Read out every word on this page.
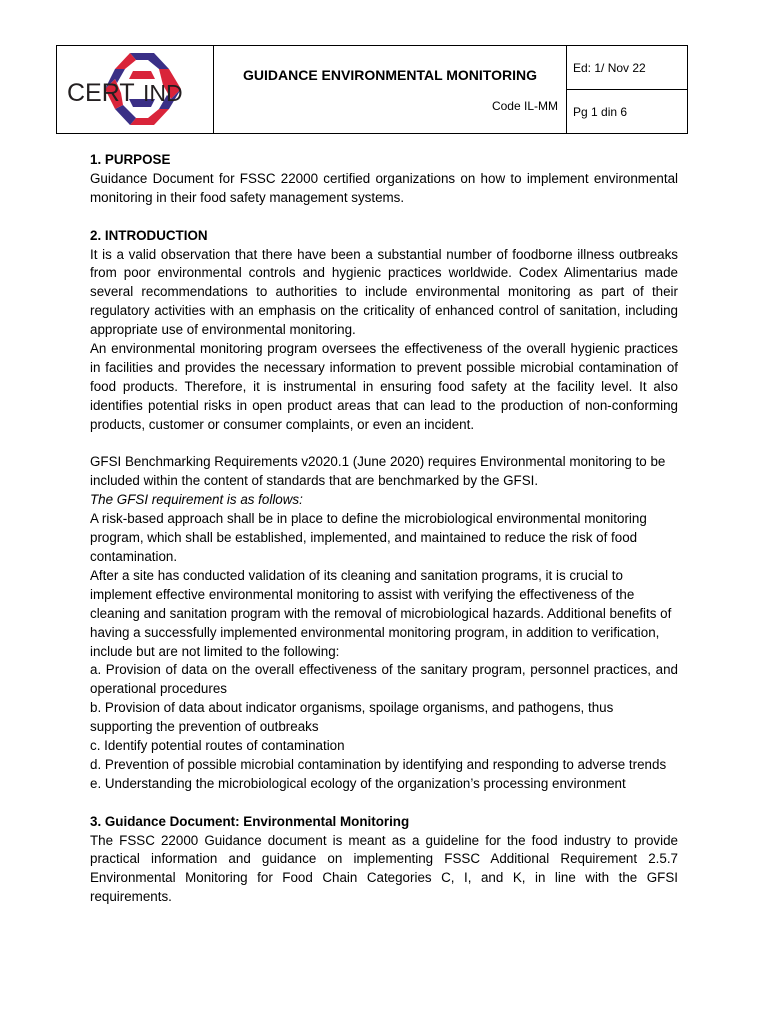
CERT IND

GUIDANCE ENVIRONMENTAL MONITORING
Code IL-MM
	Ed: 1/ Nov 22
Pg 1 din 6

1. PURPOSE

Guidance Document for FSSC 22000 certified organizations on how to implement environmental monitoring in their food safety management systems.

2. INTRODUCTION

It is a valid observation that there have been a substantial number of foodborne illness outbreaks from poor environmental controls and hygienic practices worldwide. Codex Alimentarius made several recommendations to authorities to include environmental monitoring as part of their regulatory activities with an emphasis on the criticality of enhanced control of sanitation, including appropriate use of environmental monitoring.

An environmental monitoring program oversees the effectiveness of the overall hygienic practices in facilities and provides the necessary information to prevent possible microbial contamination of food products. Therefore, it is instrumental in ensuring food safety at the facility level. It also identifies potential risks in open product areas that can lead to the production of non-conforming products, customer or consumer complaints, or even an incident.

GFSI Benchmarking Requirements v2020.1 (June 2020) requires Environmental monitoring to be included within the content of standards that are benchmarked by the GFSI.

The GFSI requirement is as follows:

A risk-based approach shall be in place to define the microbiological environmental monitoring program, which shall be established, implemented, and maintained to reduce the risk of food contamination.

After a site has conducted validation of its cleaning and sanitation programs, it is crucial to implement effective environmental monitoring to assist with verifying the effectiveness of the cleaning and sanitation program with the removal of microbiological hazards. Additional benefits of having a successfully implemented environmental monitoring program, in addition to verification, include but are not limited to the following:

a. Provision of data on the overall effectiveness of the sanitary program, personnel practices, and operational procedures

b. Provision of data about indicator organisms, spoilage organisms, and pathogens, thus supporting the prevention of outbreaks

c. Identify potential routes of contamination

d. Prevention of possible microbial contamination by identifying and responding to adverse trends

e. Understanding the microbiological ecology of the organization’s processing environment

3. Guidance Document: Environmental Monitoring

The FSSC 22000 Guidance document is meant as a guideline for the food industry to provide practical information and guidance on implementing FSSC Additional Requirement 2.5.7 Environmental Monitoring for Food Chain Categories C, I, and K, in line with the GFSI requirements.
